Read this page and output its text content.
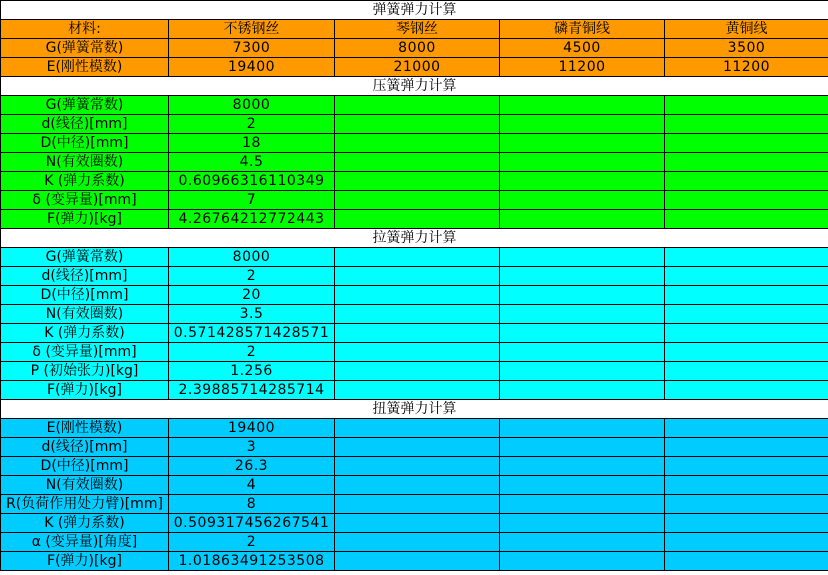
弹簧弹力计算				
材料:	不锈钢丝	琴钢丝	磷青铜线	黄铜线
G(弹簧常数)	7300	8000	4500	3500
E(刚性模数)	19400	21000	11200	11200
压簧弹力计算				
G(弹簧常数)	8000			
d(线径)[mm]	2			
D(中径)[mm]	18			
N(有效圈数)	4.5			
K (弹力系数)	0.60966316110349			
δ (变异量)[mm]	7			
F(弹力)[kg]	4.26764212772443			
拉簧弹力计算				
G(弹簧常数)	8000			
d(线径)[mm]	2			
D(中径)[mm]	20			
N(有效圈数)	3.5			
K (弹力系数)	0.571428571428571			
δ (变异量)[mm]	2			
P (初始张力)[kg]	1.256			
F(弹力)[kg]	2.39885714285714			
扭簧弹力计算				
E(刚性模数)	19400			
d(线径)[mm]	3			
D(中径)[mm]	26.3			
N(有效圈数)	4			
R(负荷作用处力臂)[mm]	8			
K (弹力系数)	0.509317456267541			
α (变异量)[角度]	2			
F(弹力)[kg]	1.01863491253508			
